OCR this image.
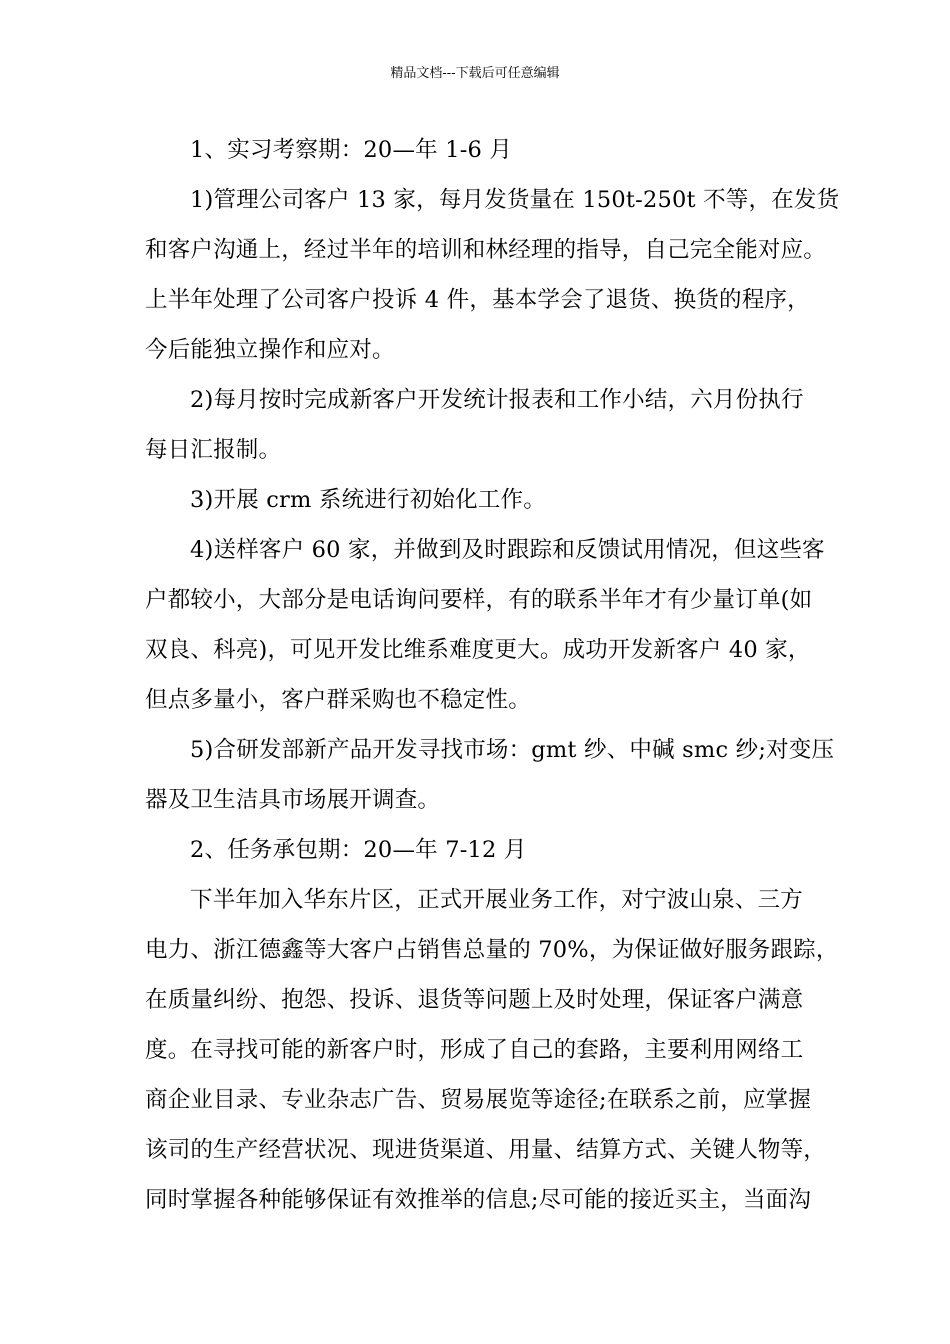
精品文档---下载后可任意编辑
1、实习考察期：20—年 1-6 月
1)管理公司客户 13 家，每月发货量在 150t-250t 不等，在发货
和客户沟通上，经过半年的培训和林经理的指导，自己完全能对应。
上半年处理了公司客户投诉 4 件，基本学会了退货、换货的程序，
今后能独立操作和应对。
2)每月按时完成新客户开发统计报表和工作小结，六月份执行
每日汇报制。
3)开展 crm 系统进行初始化工作。
4)送样客户 60 家，并做到及时跟踪和反馈试用情况，但这些客
户都较小，大部分是电话询问要样，有的联系半年才有少量订单(如
双良、科亮)，可见开发比维系难度更大。成功开发新客户 40 家，
但点多量小，客户群采购也不稳定性。
5)合研发部新产品开发寻找市场：gmt 纱、中碱 smc 纱;对变压
器及卫生洁具市场展开调查。
2、任务承包期：20—年 7-12 月
下半年加入华东片区，正式开展业务工作，对宁波山泉、三方
电力、浙江德鑫等大客户占销售总量的 70%，为保证做好服务跟踪，
在质量纠纷、抱怨、投诉、退货等问题上及时处理，保证客户满意
度。在寻找可能的新客户时，形成了自己的套路，主要利用网络工
商企业目录、专业杂志广告、贸易展览等途径;在联系之前，应掌握
该司的生产经营状况、现进货渠道、用量、结算方式、关键人物等，
同时掌握各种能够保证有效推举的信息;尽可能的接近买主，当面沟
